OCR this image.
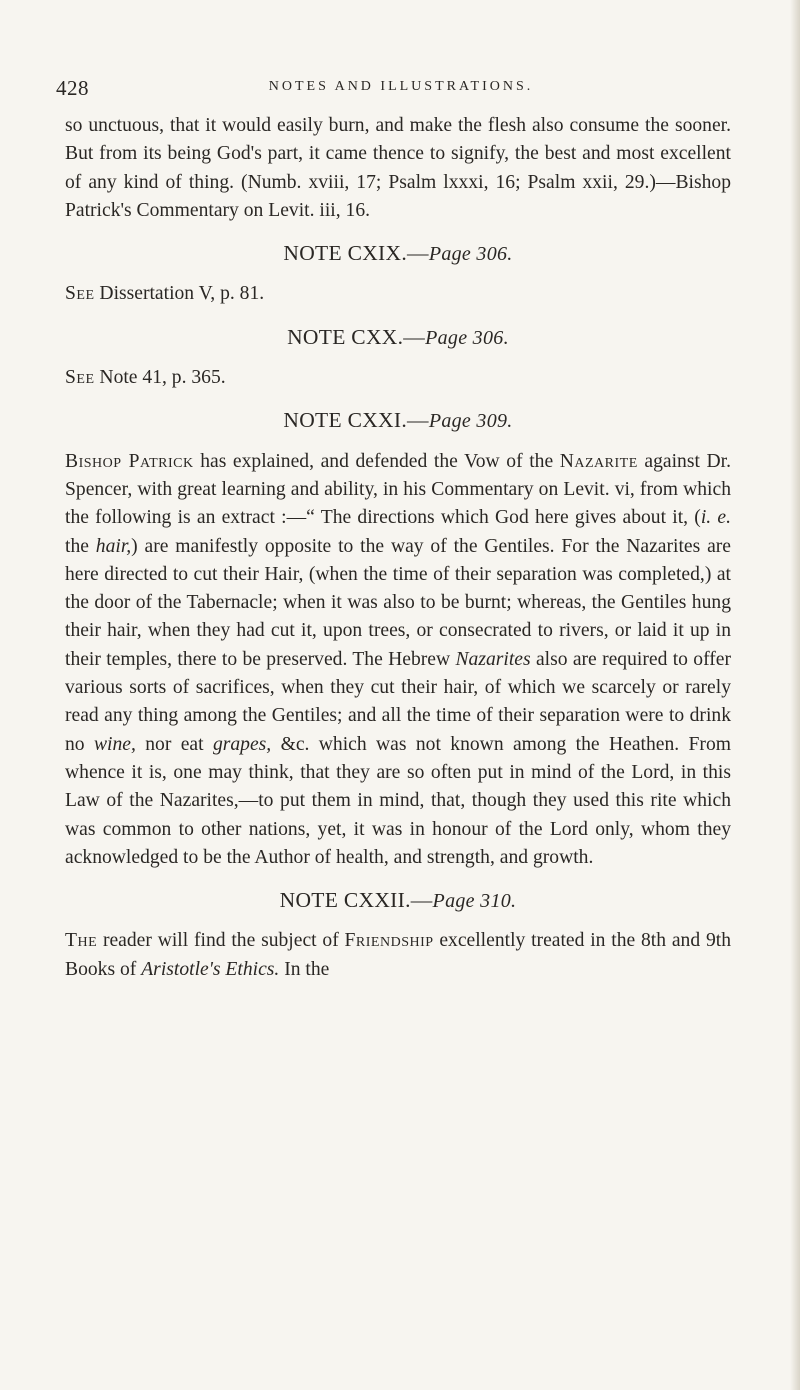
428	NOTES AND ILLUSTRATIONS.

so unctuous, that it would easily burn, and make the flesh also consume the sooner. But from its being God's part, it came thence to signify, the best and most excellent of any kind of thing. (Numb. xviii, 17; Psalm lxxxi, 16; Psalm xxii, 29.)—Bishop Patrick's Commentary on Levit. iii, 16.

NOTE CXIX.—Page 306.

See Dissertation V, p. 81.

NOTE CXX.—Page 306.

See Note 41, p. 365.

NOTE CXXI.—Page 309.

Bishop Patrick has explained, and defended the Vow of the Nazarite against Dr. Spencer, with great learning and ability, in his Commentary on Levit. vi, from which the following is an extract :—“ The directions which God here gives about it, (i. e. the hair,) are manifestly opposite to the way of the Gentiles. For the Nazarites are here directed to cut their Hair, (when the time of their separation was completed,) at the door of the Tabernacle; when it was also to be burnt; whereas, the Gentiles hung their hair, when they had cut it, upon trees, or consecrated to rivers, or laid it up in their temples, there to be preserved. The Hebrew Nazarites also are required to offer various sorts of sacrifices, when they cut their hair, of which we scarcely or rarely read any thing among the Gentiles; and all the time of their separation were to drink no wine, nor eat grapes, &c. which was not known among the Heathen. From whence it is, one may think, that they are so often put in mind of the Lord, in this Law of the Nazarites,—to put them in mind, that, though they used this rite which was common to other nations, yet, it was in honour of the Lord only, whom they acknowledged to be the Author of health, and strength, and growth.

NOTE CXXII.—Page 310.

The reader will find the subject of Friendship excellently treated in the 8th and 9th Books of Aristotle's Ethics. In the
